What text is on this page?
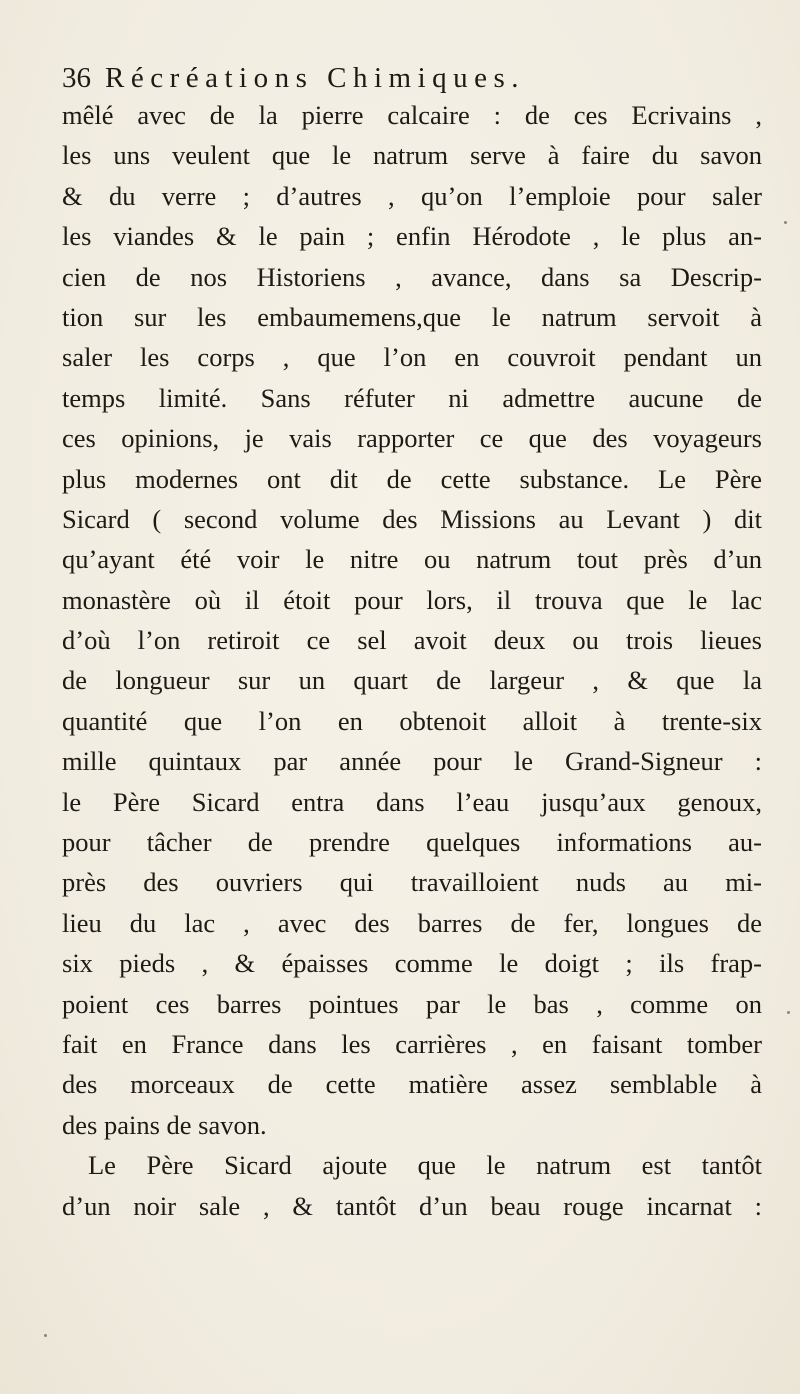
36 Récréations Chimiques.
mêlé avec de la pierre calcaire : de ces Ecrivains ,
les uns veulent que le natrum serve à faire du savon
& du verre ; d’autres , qu’on l’emploie pour saler
les viandes & le pain ; enfin Hérodote , le plus an-
cien de nos Historiens , avance, dans sa Descrip-
tion sur les embaumemens,que le natrum servoit à
saler les corps , que l’on en couvroit pendant un
temps limité. Sans réfuter ni admettre aucune de
ces opinions, je vais rapporter ce que des voyageurs
plus modernes ont dit de cette substance. Le Père
Sicard ( second volume des Missions au Levant ) dit
qu’ayant été voir le nitre ou natrum tout près d’un
monastère où il étoit pour lors, il trouva que le lac
d’où l’on retiroit ce sel avoit deux ou trois lieues
de longueur sur un quart de largeur , & que la
quantité que l’on en obtenoit alloit à trente-six
mille quintaux par année pour le Grand-Signeur :
le Père Sicard entra dans l’eau jusqu’aux genoux,
pour tâcher de prendre quelques informations au-
près des ouvriers qui travailloient nuds au mi-
lieu du lac , avec des barres de fer, longues de
six pieds , & épaisses comme le doigt ; ils frap-
poient ces barres pointues par le bas , comme on
fait en France dans les carrières , en faisant tomber
des morceaux de cette matière assez semblable à
des pains de savon.
Le Père Sicard ajoute que le natrum est tantôt
d’un noir sale , & tantôt d’un beau rouge incarnat :
